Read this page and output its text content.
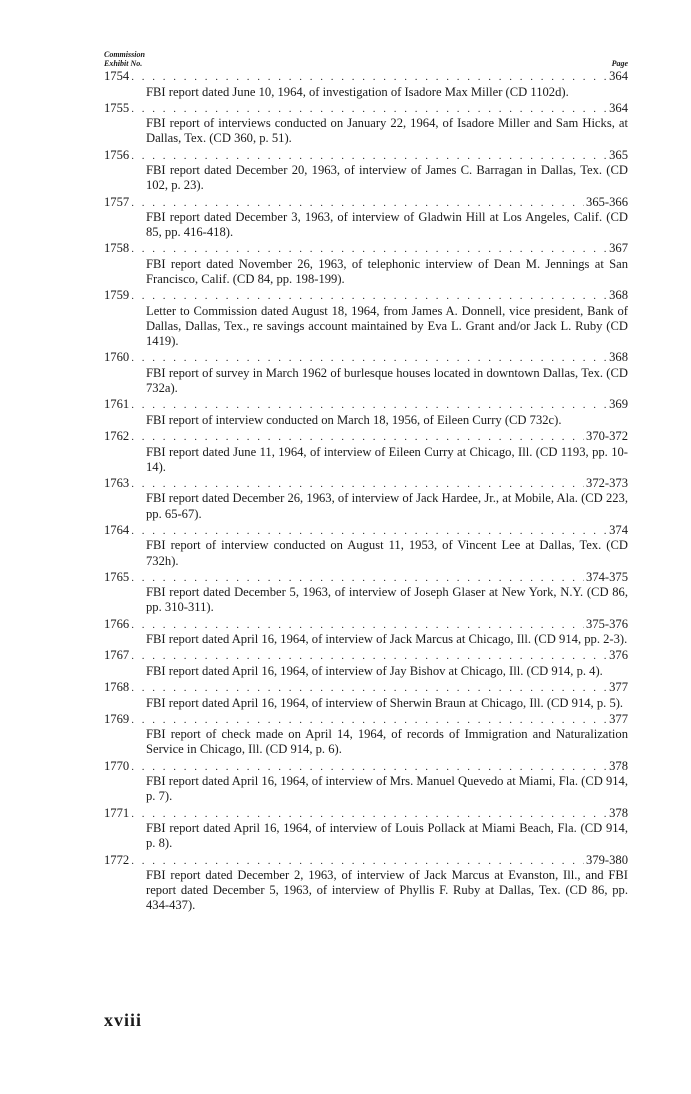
Commission
Exhibit No.	Page
1754 . . .	364
FBI report dated June 10, 1964, of investigation of Isadore Max Miller (CD 1102d).
1755 . . .	364
FBI report of interviews conducted on January 22, 1964, of Isadore Miller and Sam Hicks, at Dallas, Tex. (CD 360, p. 51).
1756 . . .	365
FBI report dated December 20, 1963, of interview of James C. Barragan in Dallas, Tex. (CD 102, p. 23).
1757 . . .	365-366
FBI report dated December 3, 1963, of interview of Gladwin Hill at Los Angeles, Calif. (CD 85, pp. 416-418).
1758 . . .	367
FBI report dated November 26, 1963, of telephonic interview of Dean M. Jennings at San Francisco, Calif. (CD 84, pp. 198-199).
1759 . . .	368
Letter to Commission dated August 18, 1964, from James A. Donnell, vice president, Bank of Dallas, Dallas, Tex., re savings account maintained by Eva L. Grant and/or Jack L. Ruby (CD 1419).
1760 . . .	368
FBI report of survey in March 1962 of burlesque houses located in downtown Dallas, Tex. (CD 732a).
1761 . . .	369
FBI report of interview conducted on March 18, 1956, of Eileen Curry (CD 732c).
1762 . . .	370-372
FBI report dated June 11, 1964, of interview of Eileen Curry at Chicago, Ill. (CD 1193, pp. 10-14).
1763 . . .	372-373
FBI report dated December 26, 1963, of interview of Jack Hardee, Jr., at Mobile, Ala. (CD 223, pp. 65-67).
1764 . . .	374
FBI report of interview conducted on August 11, 1953, of Vincent Lee at Dallas, Tex. (CD 732h).
1765 . . .	374-375
FBI report dated December 5, 1963, of interview of Joseph Glaser at New York, N.Y. (CD 86, pp. 310-311).
1766 . . .	375-376
FBI report dated April 16, 1964, of interview of Jack Marcus at Chicago, Ill. (CD 914, pp. 2-3).
1767 . . .	376
FBI report dated April 16, 1964, of interview of Jay Bishov at Chicago, Ill. (CD 914, p. 4).
1768 . . .	377
FBI report dated April 16, 1964, of interview of Sherwin Braun at Chicago, Ill. (CD 914, p. 5).
1769 . . .	377
FBI report of check made on April 14, 1964, of records of Immigration and Naturalization Service in Chicago, Ill. (CD 914, p. 6).
1770 . . .	378
FBI report dated April 16, 1964, of interview of Mrs. Manuel Quevedo at Miami, Fla. (CD 914, p. 7).
1771 . . .	378
FBI report dated April 16, 1964, of interview of Louis Pollack at Miami Beach, Fla. (CD 914, p. 8).
1772 . . .	379-380
FBI report dated December 2, 1963, of interview of Jack Marcus at Evanston, Ill., and FBI report dated December 5, 1963, of interview of Phyllis F. Ruby at Dallas, Tex. (CD 86, pp. 434-437).
xviii
